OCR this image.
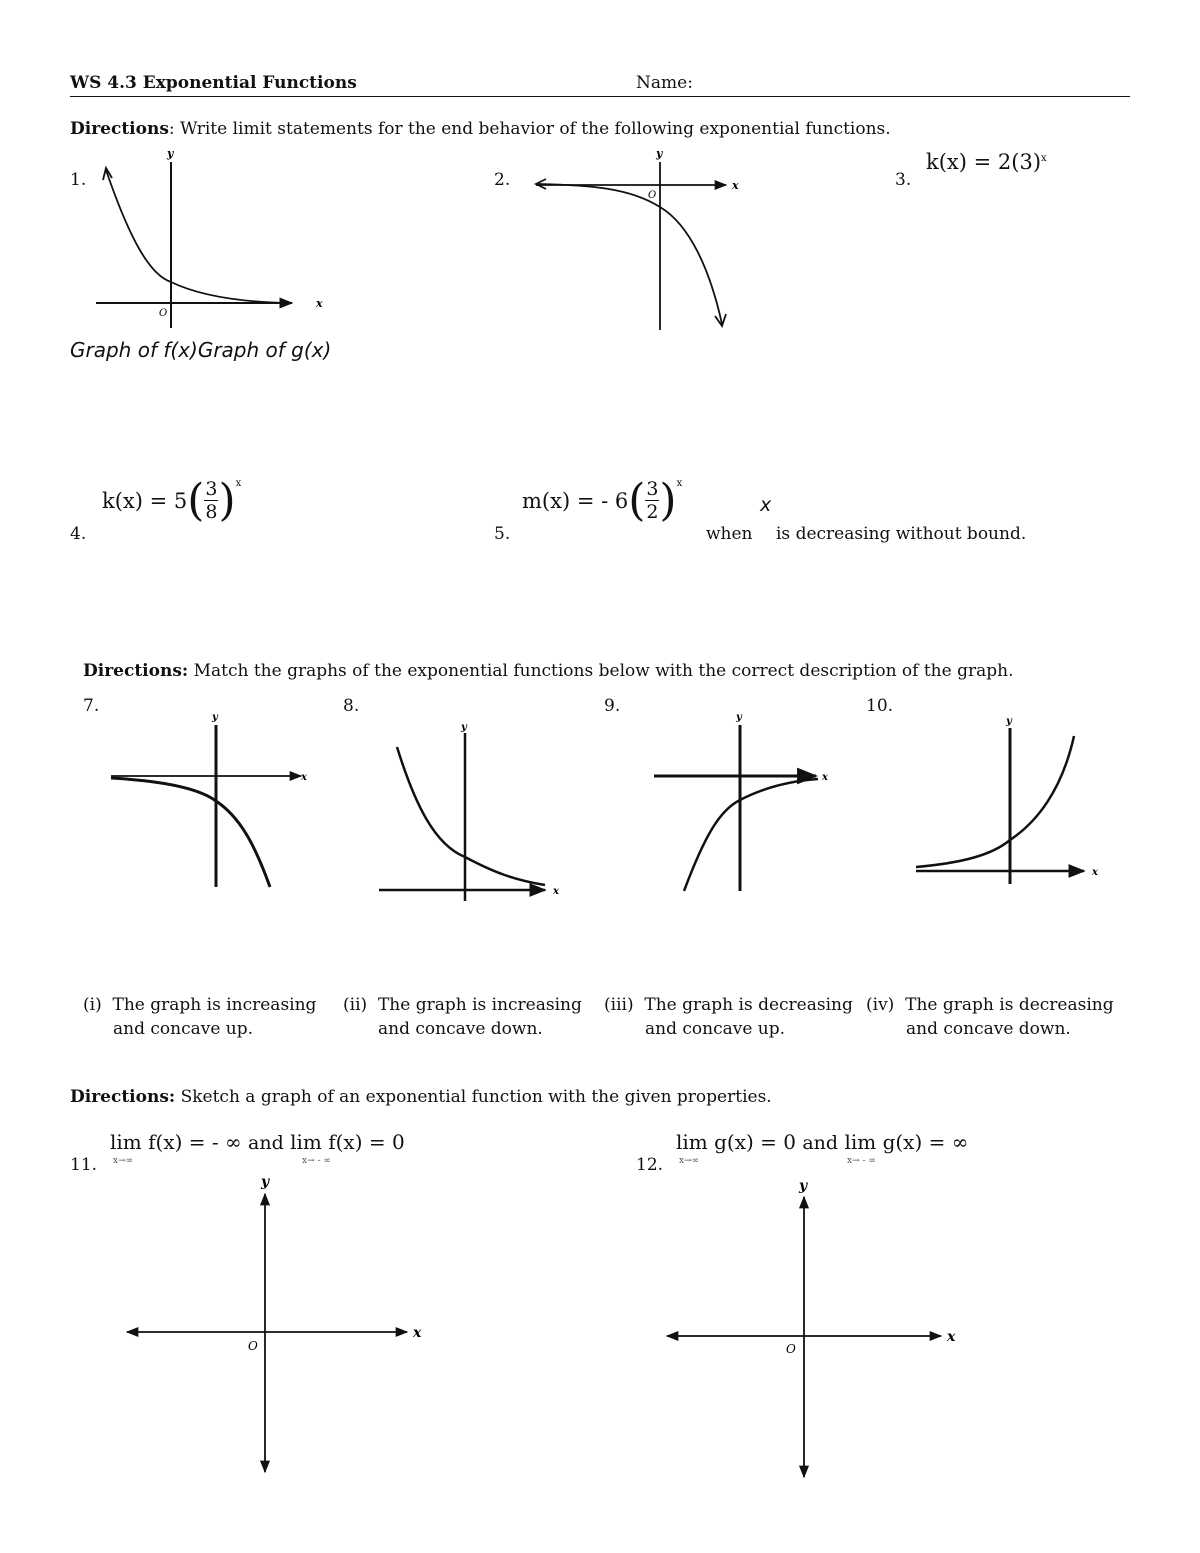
WS 4.3 Exponential Functions	Name:
Directions: Write limit statements for the end behavior of the following exponential functions.
1.
y
x
O
2.
y
x
O
3.
$k(x) = 2(3)^x$
Graph of f(x)Graph of g(x)
4.
k(x) = 5 ( 3
8 )$^x$
5.
m(x) = - 6 ( 3
2 )$^x$
x
when is decreasing without bound.
Directions: Match the graphs of the exponential functions below with the correct description of the graph.
7.	8.	9.	10.
y
x
y
x
y
x
y
x
(i) The graph is increasing
and concave up.
(ii) The graph is increasing
and concave down.
(iii) The graph is decreasing
and concave up.
(iv) The graph is decreasing
and concave down.
Directions: Sketch a graph of an exponential function with the given properties.
11.
lim f(x) = - ∞ and lim f(x) = 0
x→∞	x→ - ∞	12.
lim g(x) = 0 and lim g(x) = ∞
x→∞	x→ - ∞
y
x
O
y
x
O
